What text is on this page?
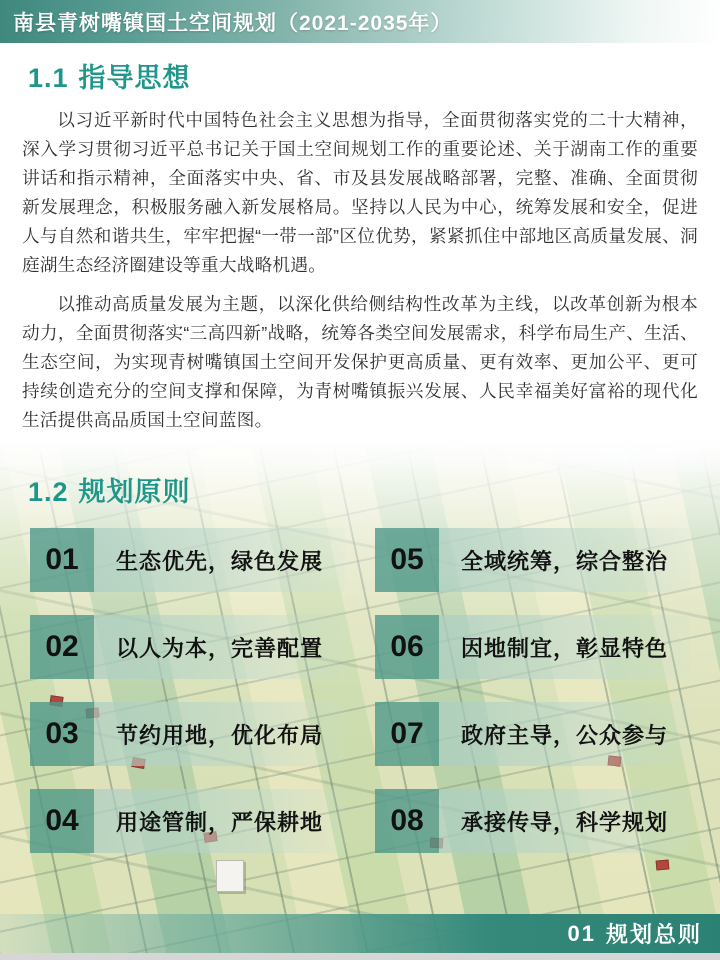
南县青树嘴镇国土空间规划（2021-2035年）
1.1 指导思想

以习近平新时代中国特色社会主义思想为指导，全面贯彻落实党的二十大精神，深入学习贯彻习近平总书记关于国土空间规划工作的重要论述、关于湖南工作的重要讲话和指示精神，全面落实中央、省、市及县发展战略部署，完整、准确、全面贯彻新发展理念，积极服务融入新发展格局。坚持以人民为中心，统筹发展和安全，促进人与自然和谐共生，牢牢把握“一带一部”区位优势，紧紧抓住中部地区高质量发展、洞庭湖生态经济圈建设等重大战略机遇。

以推动高质量发展为主题，以深化供给侧结构性改革为主线，以改革创新为根本动力，全面贯彻落实“三高四新”战略，统筹各类空间发展需求，科学布局生产、生活、生态空间，为实现青树嘴镇国土空间开发保护更高质量、更有效率、更加公平、更可持续创造充分的空间支撑和保障，为青树嘴镇振兴发展、人民幸福美好富裕的现代化生活提供高品质国土空间蓝图。

1.2 规划原则
01	生态优先，绿色发展	05	全域统筹，综合整治
02	以人为本，完善配置	06	因地制宜，彰显特色
03	节约用地，优化布局	07	政府主导，公众参与
04	用途管制，严保耕地	08	承接传导，科学规划
01 规划总则
